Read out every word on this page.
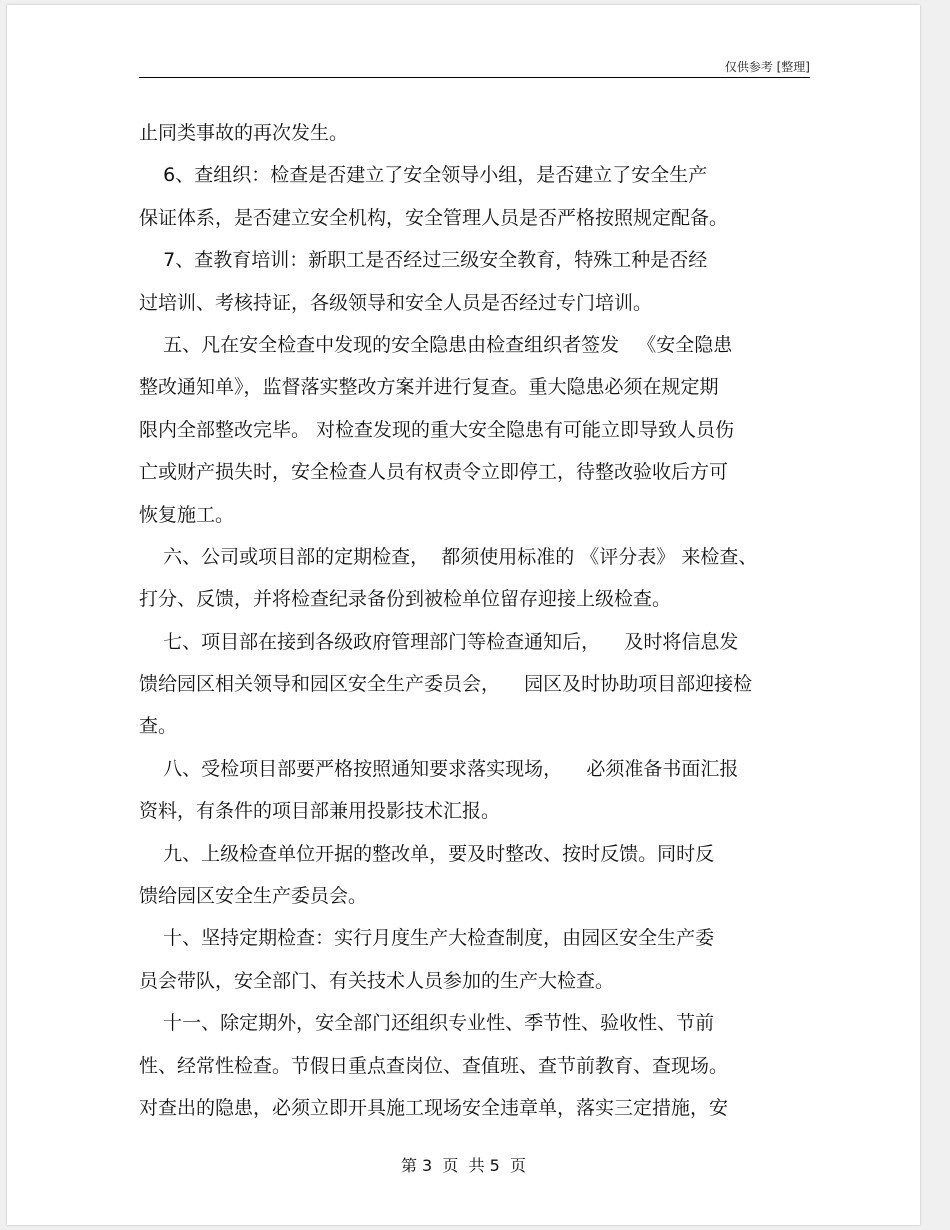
仅供参考 [整理]
止同类事故的再次发生。
6、查组织：检查是否建立了安全领导小组，是否建立了安全生产
保证体系，是否建立安全机构，安全管理人员是否严格按照规定配备。
7、查教育培训：新职工是否经过三级安全教育，特殊工种是否经
过培训、考核持证，各级领导和安全人员是否经过专门培训。
五、凡在安全检查中发现的安全隐患由检查组织者签发   《安全隐患
整改通知单》，监督落实整改方案并进行复查。重大隐患必须在规定期
限内全部整改完毕。 对检查发现的重大安全隐患有可能立即导致人员伤
亡或财产损失时，安全检查人员有权责令立即停工，待整改验收后方可
恢复施工。
六、公司或项目部的定期检查，  都须使用标准的 《评分表》 来检查、
打分、反馈，并将检查纪录备份到被检单位留存迎接上级检查。
七、项目部在接到各级政府管理部门等检查通知后，    及时将信息发
馈给园区相关领导和园区安全生产委员会，    园区及时协助项目部迎接检
查。
八、受检项目部要严格按照通知要求落实现场，    必须准备书面汇报
资料，有条件的项目部兼用投影技术汇报。
九、上级检查单位开据的整改单，要及时整改、按时反馈。同时反
馈给园区安全生产委员会。
十、坚持定期检查：实行月度生产大检查制度，由园区安全生产委
员会带队，安全部门、有关技术人员参加的生产大检查。
十一、除定期外，安全部门还组织专业性、季节性、验收性、节前
性、经常性检查。节假日重点查岗位、查值班、查节前教育、查现场。
对查出的隐患，必须立即开具施工现场安全违章单，落实三定措施，安
第 3  页  共 5  页
